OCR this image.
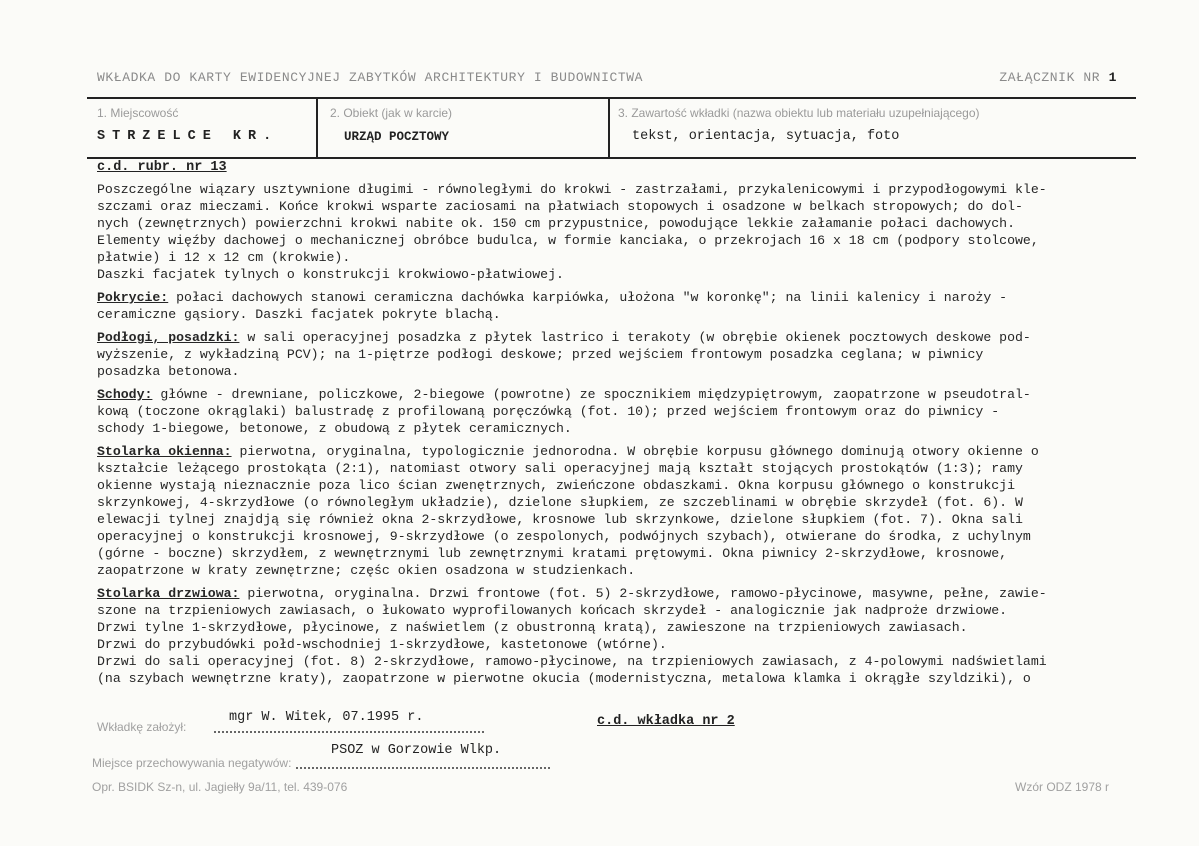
WKŁADKA DO KARTY EWIDENCYJNEJ ZABYTKÓW ARCHITEKTURY I BUDOWNICTWA	ZAŁĄCZNIK NR 1
1. Miejscowość
STRZELCE KR.
2. Obiekt (jak w karcie)
URZĄD POCZTOWY
3. Zawartość wkładki (nazwa obiektu lub materiału uzupełniającego)
tekst, orientacja, sytuacja, foto
c.d. rubr. nr 13

Poszczególne wiązary usztywnione długimi - równoległymi do krokwi - zastrzałami, przykalenicowymi i przypodłogowymi kle-
szczami oraz mieczami. Końce krokwi wsparte zaciosami na płatwiach stopowych i osadzone w belkach stropowych; do dol-
nych (zewnętrznych) powierzchni krokwi nabite ok. 150 cm przypustnice, powodujące lekkie załamanie połaci dachowych.
Elementy więźby dachowej o mechanicznej obróbce budulca, w formie kanciaka, o przekrojach 16 x 18 cm (podpory stolcowe,
płatwie) i 12 x 12 cm (krokwie).
Daszki facjatek tylnych o konstrukcji krokwiowo-płatwiowej.

Pokrycie: połaci dachowych stanowi ceramiczna dachówka karpiówka, ułożona "w koronkę"; na linii kalenicy i naroży -
ceramiczne gąsiory. Daszki facjatek pokryte blachą.

Podłogi, posadzki: w sali operacyjnej posadzka z płytek lastrico i terakoty (w obrębie okienek pocztowych deskowe pod-
wyższenie, z wykładziną PCV); na 1-piętrze podłogi deskowe; przed wejściem frontowym posadzka ceglana; w piwnicy
posadzka betonowa.

Schody: główne - drewniane, policzkowe, 2-biegowe (powrotne) ze spocznikiem międzypiętrowym, zaopatrzone w pseudotral-
kową (toczone okrąglaki) balustradę z profilowaną poręczówką (fot. 10); przed wejściem frontowym oraz do piwnicy -
schody 1-biegowe, betonowe, z obudową z płytek ceramicznych.

Stolarka okienna: pierwotna, oryginalna, typologicznie jednorodna. W obrębie korpusu głównego dominują otwory okienne o
kształcie leżącego prostokąta (2:1), natomiast otwory sali operacyjnej mają kształt stojących prostokątów (1:3); ramy
okienne wystają nieznacznie poza lico ścian zwenętrznych, zwieńczone obdaszkami. Okna korpusu głównego o konstrukcji
skrzynkowej, 4-skrzydłowe (o równoległym układzie), dzielone słupkiem, ze szczeblinami w obrębie skrzydeł (fot. 6). W
elewacji tylnej znajdją się również okna 2-skrzydłowe, krosnowe lub skrzynkowe, dzielone słupkiem (fot. 7). Okna sali
operacyjnej o konstrukcji krosnowej, 9-skrzydłowe (o zespolonych, podwójnych szybach), otwierane do środka, z uchylnym
(górne - boczne) skrzydłem, z wewnętrznymi lub zewnętrznymi kratami prętowymi. Okna piwnicy 2-skrzydłowe, krosnowe,
zaopatrzone w kraty zewnętrzne; częśc okien osadzona w studzienkach.

Stolarka drzwiowa: pierwotna, oryginalna. Drzwi frontowe (fot. 5) 2-skrzydłowe, ramowo-płycinowe, masywne, pełne, zawie-
szone na trzpieniowych zawiasach, o łukowato wyprofilowanych końcach skrzydeł - analogicznie jak nadproże drzwiowe.
Drzwi tylne 1-skrzydłowe, płycinowe, z naświetlem (z obustronną kratą), zawieszone na trzpieniowych zawiasach.
Drzwi do przybudówki połd-wschodniej 1-skrzydłowe, kastetonowe (wtórne).
Drzwi do sali operacyjnej (fot. 8) 2-skrzydłowe, ramowo-płycinowe, na trzpieniowych zawiasach, z 4-polowymi nadświetlami
(na szybach wewnętrzne kraty), zaopatrzone w pierwotne okucia (modernistyczna, metalowa klamka i okrągłe szyldziki), o

Wkładkę założył:
mgr W. Witek, 07.1995 r.	c.d. wkładka nr 2
Miejsce przechowywania negatywów:
PSOZ w Gorzowie Wlkp.
Opr. BSIDK Sz-n, ul. Jagiełły 9a/11, tel. 439-076	Wzór ODZ 1978 r
